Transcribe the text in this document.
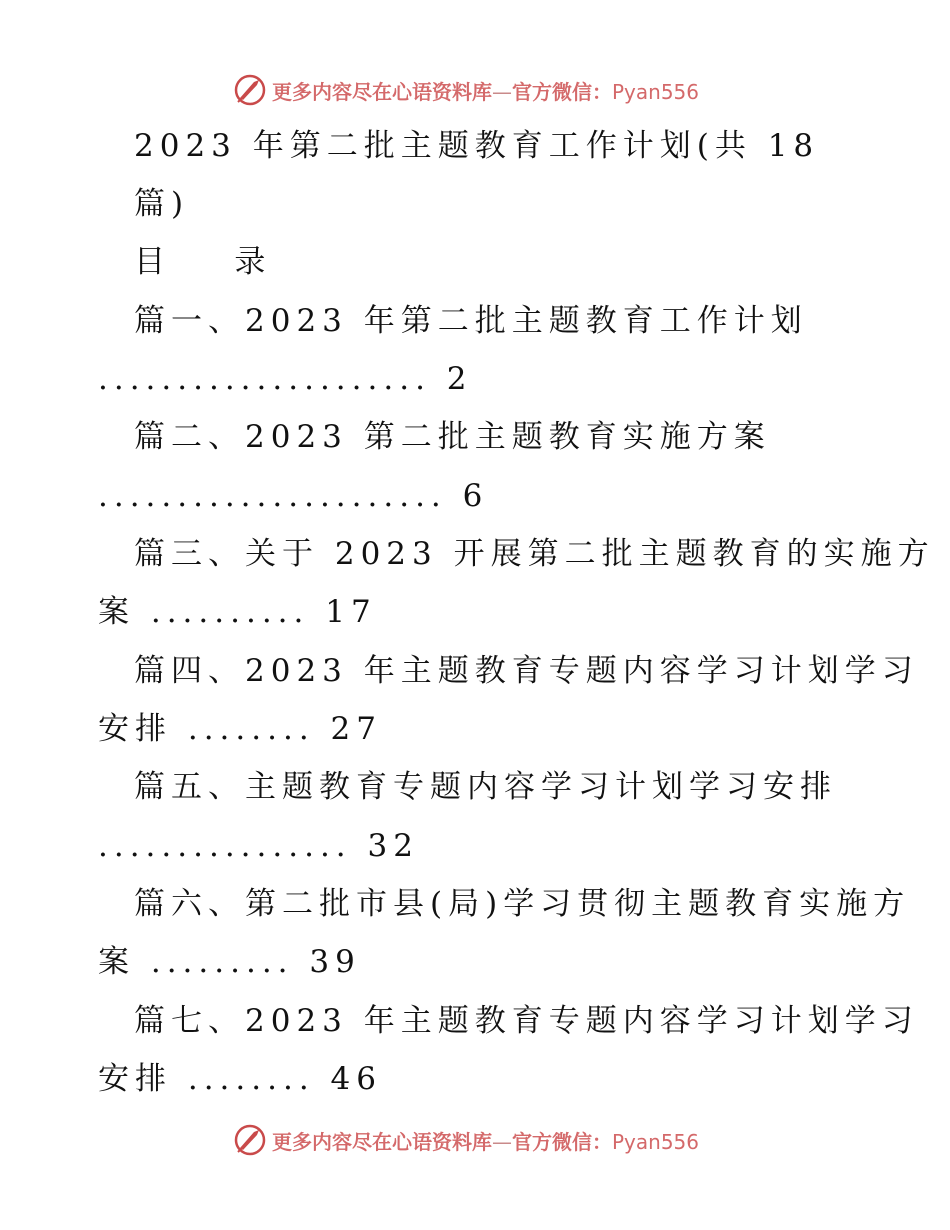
更多内容尽在心语资料库—官方微信：Pyan556
2023 年第二批主题教育工作计划(共 18
篇)
目    录
篇一、2023 年第二批主题教育工作计划
..................... 2
篇二、2023 第二批主题教育实施方案
...................... 6
篇三、关于 2023 开展第二批主题教育的实施方
案 .......... 17
篇四、2023 年主题教育专题内容学习计划学习
安排 ........ 27
篇五、主题教育专题内容学习计划学习安排
................ 32
篇六、第二批市县(局)学习贯彻主题教育实施方
案 ......... 39
篇七、2023 年主题教育专题内容学习计划学习
安排 ........ 46
更多内容尽在心语资料库—官方微信：Pyan556
